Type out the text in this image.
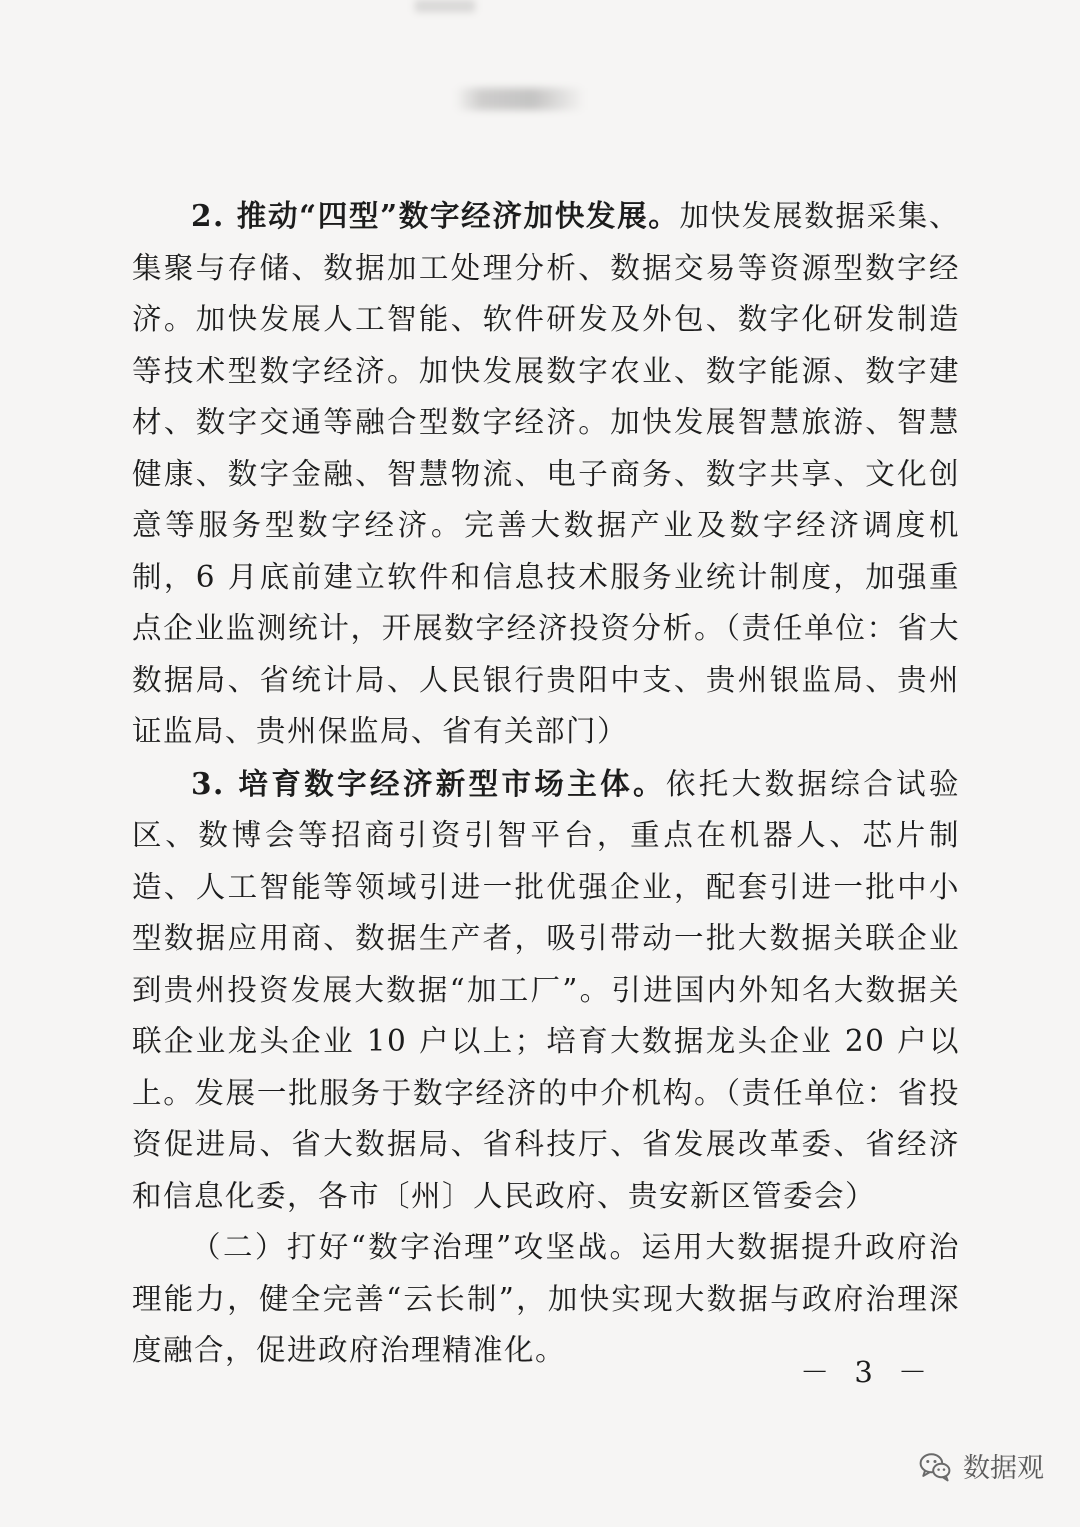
2. 推动“四型”数字经济加快发展。加快发展数据采集、集聚与存储、数据加工处理分析、数据交易等资源型数字经济。加快发展人工智能、软件研发及外包、数字化研发制造等技术型数字经济。加快发展数字农业、数字能源、数字建材、数字交通等融合型数字经济。加快发展智慧旅游、智慧健康、数字金融、智慧物流、电子商务、数字共享、文化创意等服务型数字经济。完善大数据产业及数字经济调度机制，6 月底前建立软件和信息技术服务业统计制度，加强重点企业监测统计，开展数字经济投资分析。（责任单位：省大数据局、省统计局、人民银行贵阳中支、贵州银监局、贵州证监局、贵州保监局、省有关部门）

3. 培育数字经济新型市场主体。依托大数据综合试验区、数博会等招商引资引智平台，重点在机器人、芯片制造、人工智能等领域引进一批优强企业，配套引进一批中小型数据应用商、数据生产者，吸引带动一批大数据关联企业到贵州投资发展大数据“加工厂”。引进国内外知名大数据关联企业龙头企业 10 户以上；培育大数据龙头企业 20 户以上。发展一批服务于数字经济的中介机构。（责任单位：省投资促进局、省大数据局、省科技厅、省发展改革委、省经济和信息化委，各市〔州〕人民政府、贵安新区管委会）

（二）打好“数字治理”攻坚战。运用大数据提升政府治理能力，健全完善“云长制”，加快实现大数据与政府治理深度融合，促进政府治理精准化。

－ 3 －
数据观
